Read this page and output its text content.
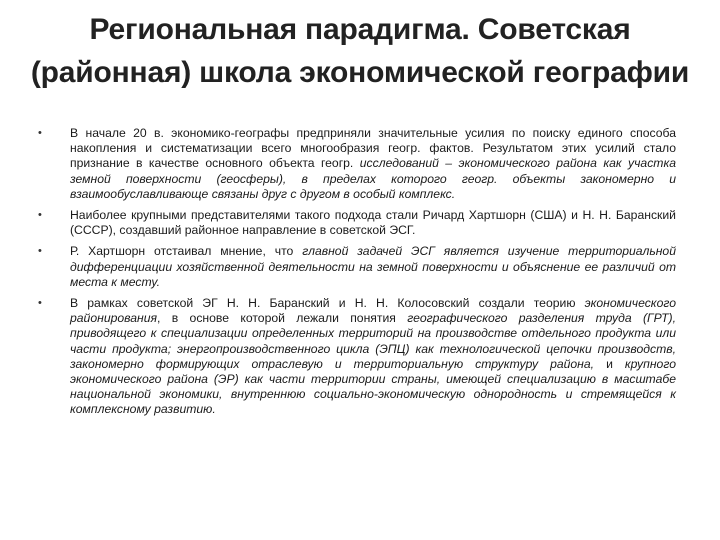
Региональная парадигма. Советская (районная) школа экономической географии
• В начале 20 в. экономико-географы предприняли значительные усилия по поиску единого способа накопления и систематизации всего многообразия геогр. фактов. Результатом этих усилий стало признание в качестве основного объекта геогр. исследований – экономического района как участка земной поверхности (геосферы), в пределах которого геогр. объекты закономерно и взаимообуславливающе связаны друг с другом в особый комплекс.
• Наиболее крупными представителями такого подхода стали Ричард Хартшорн (США) и Н. Н. Баранский (СССР), создавший районное направление в советской ЭСГ.
• Р. Хартшорн отстаивал мнение, что главной задачей ЭСГ является изучение территориальной дифференциации хозяйственной деятельности на земной поверхности и объяснение ее различий от места к месту.
• В рамках советской ЭГ Н. Н. Баранский и Н. Н. Колосовский создали теорию экономического районирования, в основе которой лежали понятия географического разделения труда (ГРТ), приводящего к специализации определенных территорий на производстве отдельного продукта или части продукта; энергопроизводственного цикла (ЭПЦ) как технологической цепочки производств, закономерно формирующих отраслевую и территориальную структуру района, и крупного экономического района (ЭР) как части территории страны, имеющей специализацию в масштабе национальной экономики, внутреннюю социально-экономическую однородность и стремящейся к комплексному развитию.
